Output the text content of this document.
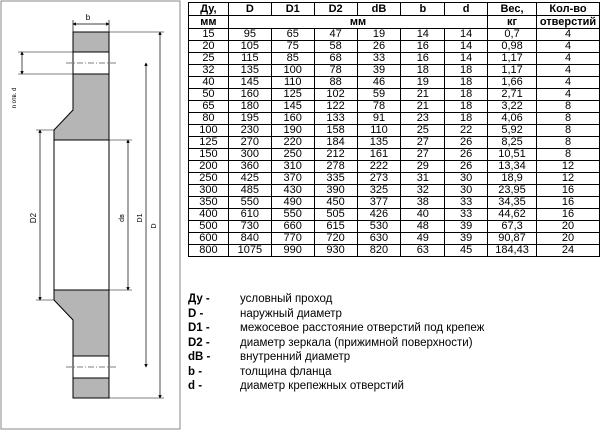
b
n отв. d
D2	dв D1
D
Ду,	D	D1	D2	dB	b	d	Вес,	Кол-во
мм	мм						кг	отверстий
15	95	65	47	19	14	14	0,7	4
20	105	75	58	26	16	14	0,98	4
25	115	85	68	33	16	14	1,17	4
32	135	100	78	39	18	18	1,17	4
40	145	110	88	46	19	18	1,66	4
50	160	125	102	59	21	18	2,71	4
65	180	145	122	78	21	18	3,22	8
80	195	160	133	91	23	18	4,06	8
100	230	190	158	110	25	22	5,92	8
125	270	220	184	135	27	26	8,25	8
150	300	250	212	161	27	26	10,51	8
200	360	310	278	222	29	26	13,34	12
250	425	370	335	273	31	30	18,9	12
300	485	430	390	325	32	30	23,95	16
350	550	490	450	377	38	33	34,35	16
400	610	550	505	426	40	33	44,62	16
500	730	660	615	530	48	39	67,3	20
600	840	770	720	630	49	39	90,87	20
800	1075	990	930	820	63	45	184,43	24
Ду -	условный проход
D -	наружный диаметр
D1 -	межосевое расстояние отверстий под крепеж
D2 -	диаметр зеркала (прижимной поверхности)
dB -	внутренний диаметр
b -	толщина фланца
d -	диаметр крепежных отверстий
